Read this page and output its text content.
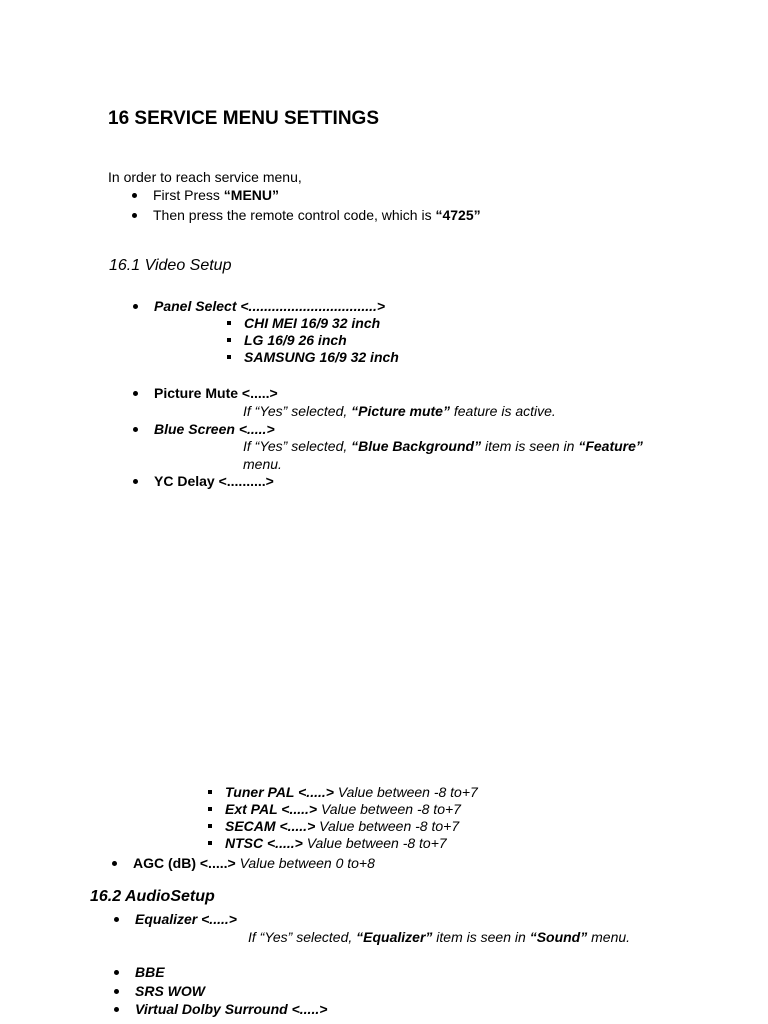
16 SERVICE MENU SETTINGS
In order to reach service menu,
First Press “MENU”
Then press the remote control code, which is “4725”
16.1 Video Setup
Panel Select <.................................>
CHI MEI 16/9 32 inch
LG 16/9 26 inch
SAMSUNG 16/9 32 inch
Picture Mute <.....>
If “Yes” selected, “Picture mute” feature is active.
Blue Screen <.....>
If “Yes” selected, “Blue Background” item is seen in “Feature”
menu.
YC Delay <..........>
Tuner PAL <.....> Value between -8 to+7
Ext PAL <.....> Value between -8 to+7
SECAM <.....> Value between -8 to+7
NTSC <.....> Value between -8 to+7
AGC (dB) <.....> Value between 0 to+8
16.2 AudioSetup
Equalizer <.....>
If “Yes” selected, “Equalizer” item is seen in “Sound” menu.
BBE
SRS WOW
Virtual Dolby Surround <.....>
